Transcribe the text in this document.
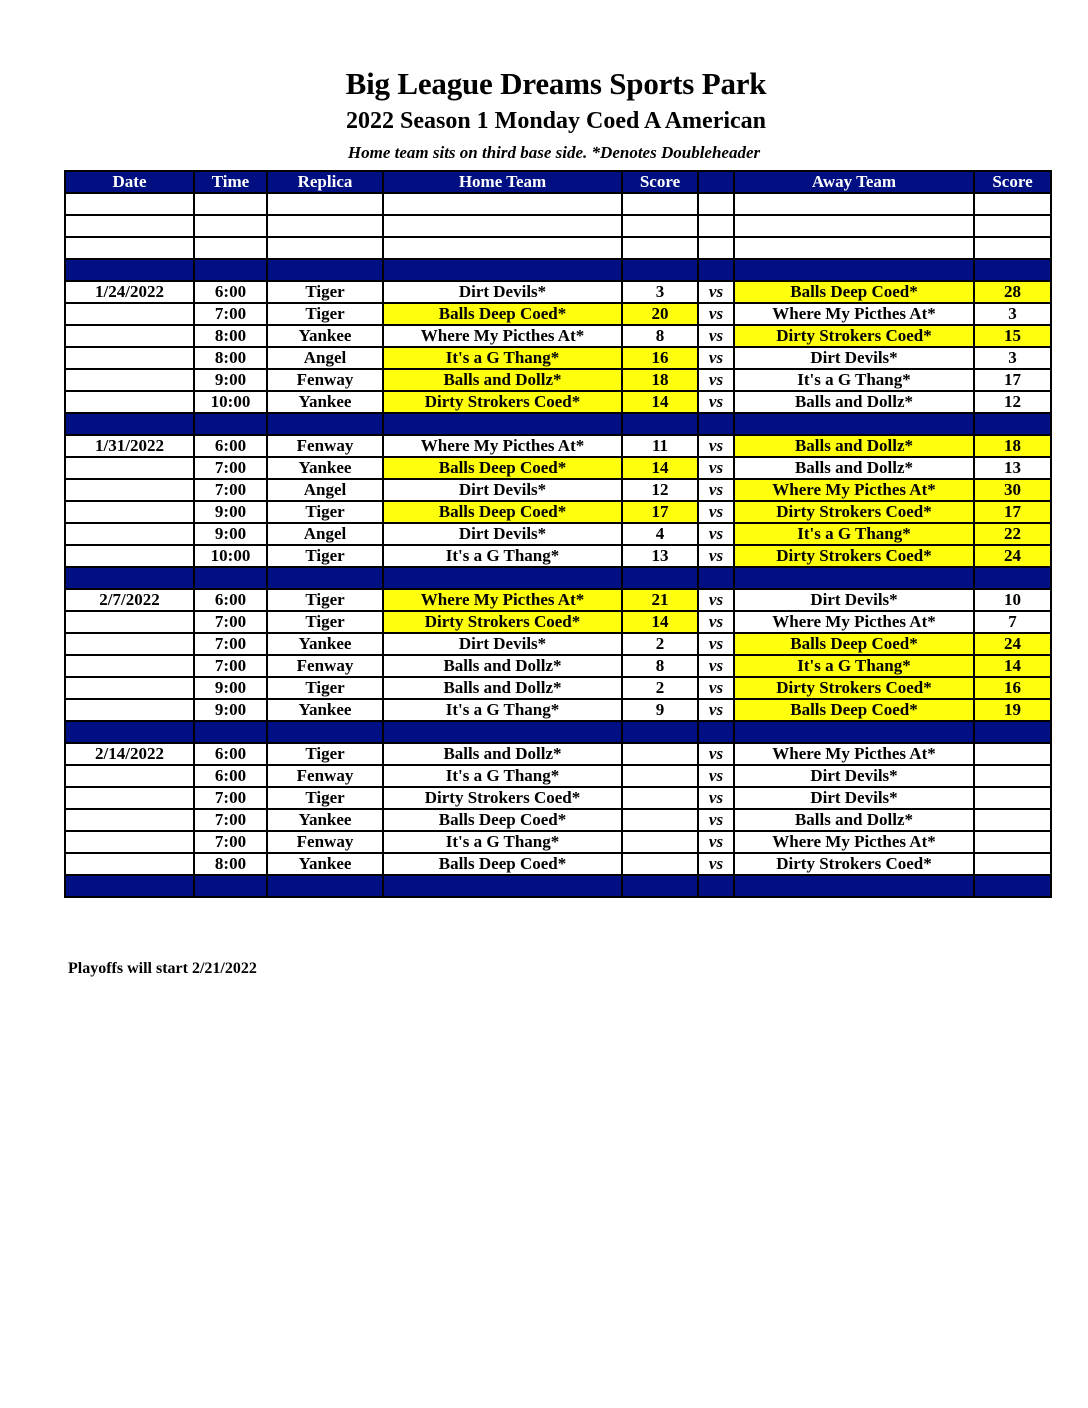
Big League Dreams Sports Park
2022 Season 1 Monday Coed A American
Home team sits on third base side. *Denotes Doubleheader
Date	Time	Replica	Home Team	Score		Away Team	Score

1/24/2022	6:00	Tiger	Dirt Devils*	3	vs	Balls Deep Coed*	28
	7:00	Tiger	Balls Deep Coed*	20	vs	Where My Picthes At*	3
	8:00	Yankee	Where My Picthes At*	8	vs	Dirty Strokers Coed*	15
	8:00	Angel	It's a G Thang*	16	vs	Dirt Devils*	3
	9:00	Fenway	Balls and Dollz*	18	vs	It's a G Thang*	17
	10:00	Yankee	Dirty Strokers Coed*	14	vs	Balls and Dollz*	12

1/31/2022	6:00	Fenway	Where My Picthes At*	11	vs	Balls and Dollz*	18
	7:00	Yankee	Balls Deep Coed*	14	vs	Balls and Dollz*	13
	7:00	Angel	Dirt Devils*	12	vs	Where My Picthes At*	30
	9:00	Tiger	Balls Deep Coed*	17	vs	Dirty Strokers Coed*	17
	9:00	Angel	Dirt Devils*	4	vs	It's a G Thang*	22
	10:00	Tiger	It's a G Thang*	13	vs	Dirty Strokers Coed*	24

2/7/2022	6:00	Tiger	Where My Picthes At*	21	vs	Dirt Devils*	10
	7:00	Tiger	Dirty Strokers Coed*	14	vs	Where My Picthes At*	7
	7:00	Yankee	Dirt Devils*	2	vs	Balls Deep Coed*	24
	7:00	Fenway	Balls and Dollz*	8	vs	It's a G Thang*	14
	9:00	Tiger	Balls and Dollz*	2	vs	Dirty Strokers Coed*	16
	9:00	Yankee	It's a G Thang*	9	vs	Balls Deep Coed*	19

2/14/2022	6:00	Tiger	Balls and Dollz*		vs	Where My Picthes At*	
	6:00	Fenway	It's a G Thang*		vs	Dirt Devils*	
	7:00	Tiger	Dirty Strokers Coed*		vs	Dirt Devils*	
	7:00	Yankee	Balls Deep Coed*		vs	Balls and Dollz*	
	7:00	Fenway	It's a G Thang*		vs	Where My Picthes At*	
	8:00	Yankee	Balls Deep Coed*		vs	Dirty Strokers Coed*	

Playoffs will start 2/21/2022
